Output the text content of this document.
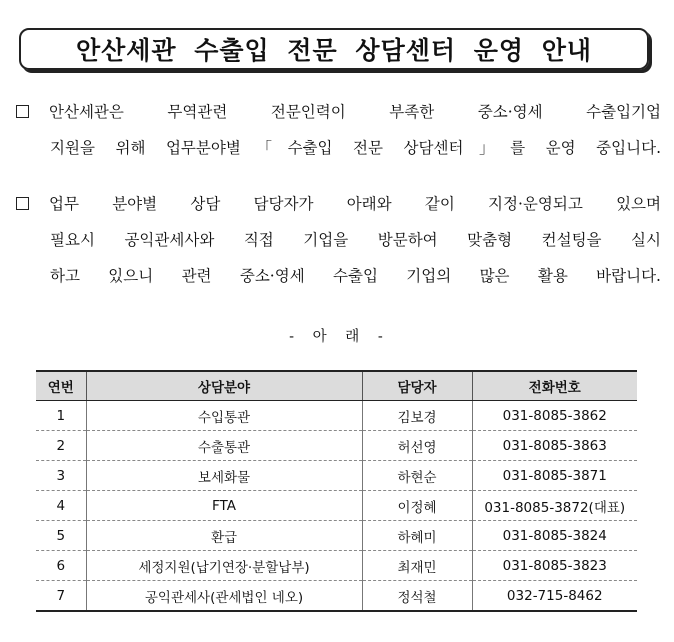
안산세관 수출입 전문 상담센터 운영 안내
안산세관은 무역관련 전문인력이 부족한 중소·영세 수출입기업
지원을 위해 업무분야별「수출입 전문 상담센터」를 운영 중입니다.
업무 분야별 상담 담당자가 아래와 같이 지정·운영되고 있으며
필요시 공익관세사와 직접 기업을 방문하여 맞춤형 컨설팅을 실시
하고 있으니 관련 중소·영세 수출입 기업의 많은 활용 바랍니다.
- 아 래 -
연번	상담분야	담당자	전화번호
1	수입통관	김보경	031-8085-3862
2	수출통관	허선영	031-8085-3863
3	보세화물	하현순	031-8085-3871
4	FTA	이정혜	031-8085-3872(대표)
5	환급	하혜미	031-8085-3824
6	세정지원(납기연장·분할납부)	최재민	031-8085-3823
7	공익관세사(관세법인 네오)	정석철	032-715-8462
